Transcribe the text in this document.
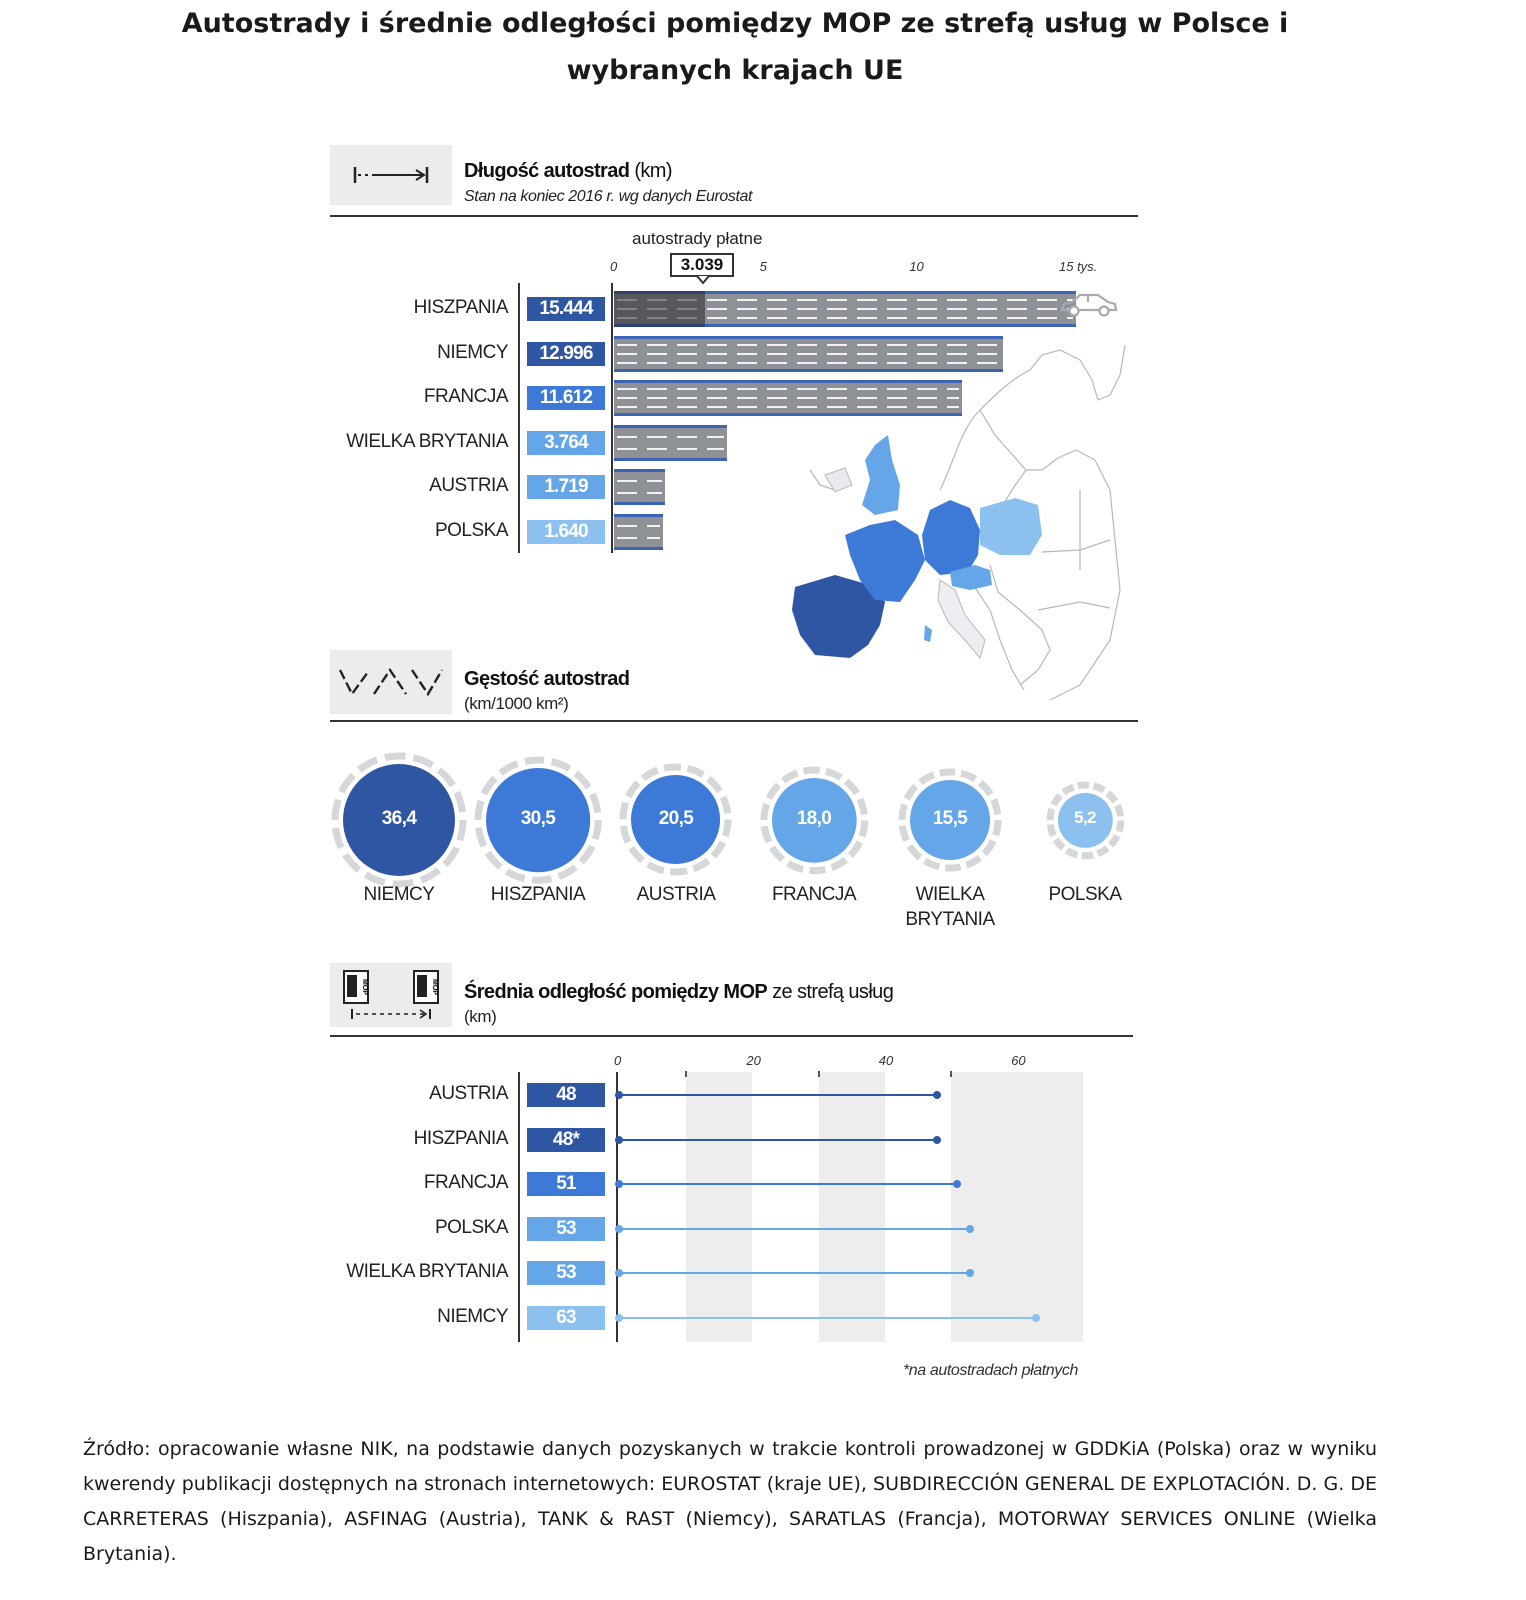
Autostrady i średnie odległości pomiędzy MOP ze strefą usług w Polsce i wybranych krajach UE
Długość autostrad (km)
Stan na koniec 2016 r. wg danych Eurostat
autostrady płatne
3.039
0	5	10	15 tys.
HISZPANIA	15.444
NIEMCY	12.996
FRANCJA	11.612
WIELKA BRYTANIA	3.764
AUSTRIA	1.719
POLSKA	1.640
Gęstość autostrad
(km/1000 km²)
36,4
NIEMCY
30,5
HISZPANIA
20,5
AUSTRIA
18,0
FRANCJA
15,5
WIELKA
BRYTANIA
5,2
POLSKA
MOP	MOP Średnia odległość pomiędzy MOP ze strefą usług
(km)
0	20	40	60
AUSTRIA	48
HISZPANIA	48*
FRANCJA	51
POLSKA	53
WIELKA BRYTANIA	53
NIEMCY	63
*na autostradach płatnych
Źródło: opracowanie własne NIK, na podstawie danych pozyskanych w trakcie kontroli prowadzonej w GDDKiA (Polska) oraz w wyniku kwerendy publikacji dostępnych na stronach internetowych: EUROSTAT (kraje UE), SUBDIRECCIÓN GENERAL DE EXPLOTACIÓN. D. G. DE CARRETERAS (Hiszpania), ASFINAG (Austria), TANK & RAST (Niemcy), SARATLAS (Francja), MOTORWAY SERVICES ONLINE (Wielka Brytania).
